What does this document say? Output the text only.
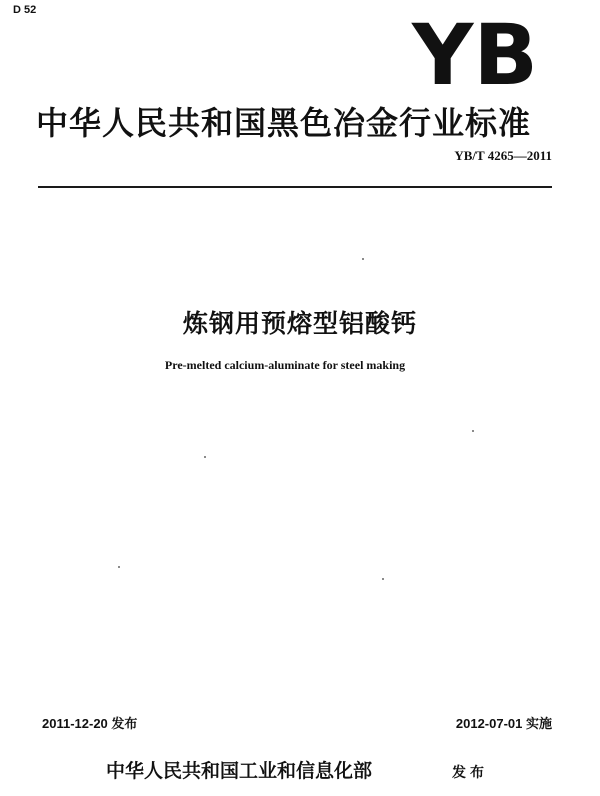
D 52	YB
中华人民共和国黑色冶金行业标准
YB/T 4265—2011
炼钢用预熔型铝酸钙
Pre-melted calcium-aluminate for steel making
2011-12-20 发布	2012-07-01 实施
中华人民共和国工业和信息化部	发布
